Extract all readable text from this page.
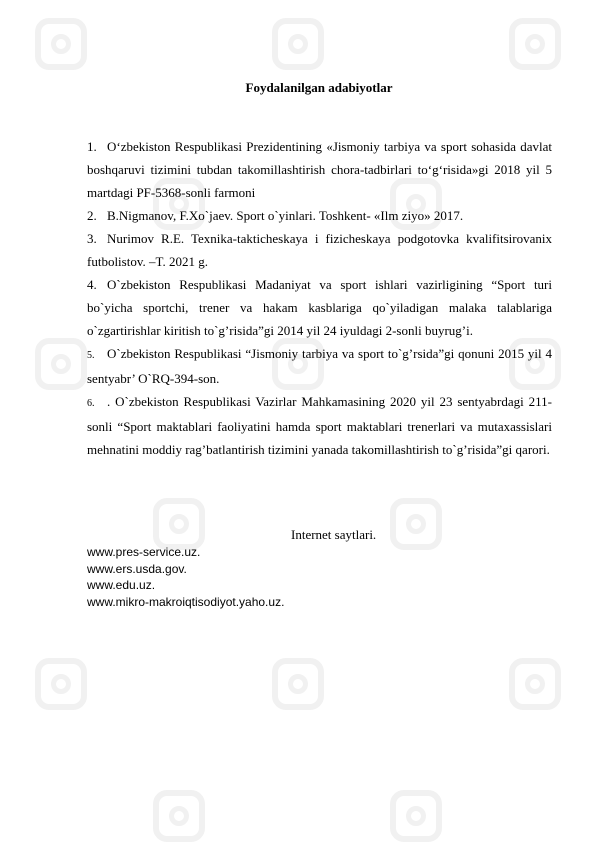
Foydalanilgan adabiyotlar

1. O‘zbekiston Respublikasi Prezidentining «Jismoniy tarbiya va sport sohasida davlat boshqaruvi tizimini tubdan takomillashtirish chora-tadbirlari to‘g‘risida»gi 2018 yil 5 martdagi PF-5368-sonli farmoni

2. B.Nigmanov, F.Xo`jaev. Sport o`yinlari. Toshkent- «Ilm ziyo» 2017.

3. Nurimov R.E. Texnika-takticheskaya i fizicheskaya podgotovka kvalifitsirovanix futbolistov. –T. 2021 g.

4. O`zbekiston Respublikasi Madaniyat va sport ishlari vazirligining “Sport turi bo`yicha sportchi, trener va hakam kasblariga qo`yiladigan malaka talablariga o`zgartirishlar kiritish to`g’risida”gi 2014 yil 24 iyuldagi 2-sonli buyrug’i.

5. O`zbekiston Respublikasi “Jismoniy tarbiya va sport to`g’rsida”gi qonuni 2015 yil 4 sentyabr’ O`RQ-394-son.

6. . O`zbekiston Respublikasi Vazirlar Mahkamasining 2020 yil 23 sentyabrdagi 211-sonli “Sport maktablari faoliyatini hamda sport maktablari trenerlari va mutaxassislari mehnatini moddiy rag’batlantirish tizimini yanada takomillashtirish to`g’risida”gi qarori.

Internet saytlari.
www.pres-service.uz.
www.ers.usda.gov.
www.edu.uz.
www.mikro-makroiqtisodiyot.yaho.uz.
